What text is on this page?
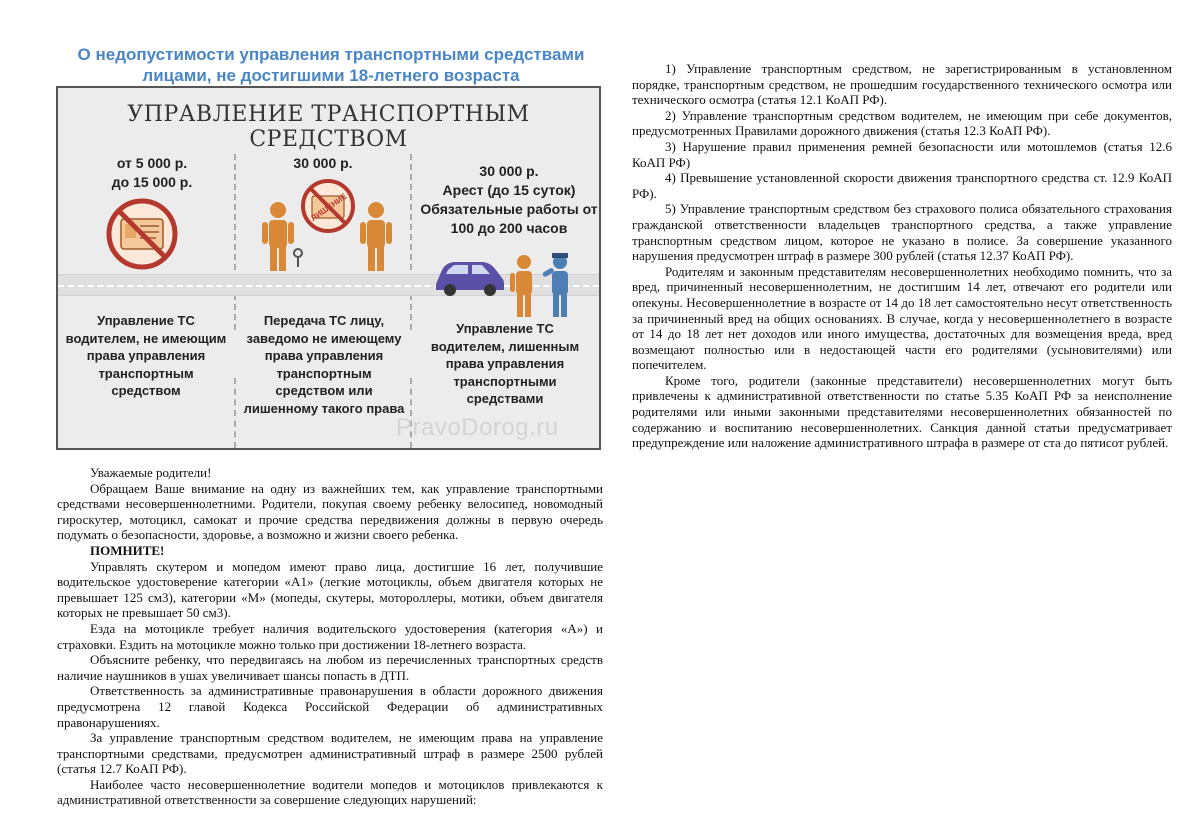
О недопустимости управления транспортными средствами лицами, не достигшими 18-летнего возраста
УПРАВЛЕНИЕ ТРАНСПОРТНЫМ СРЕДСТВОМ
от 5 000 р.
до 15 000 р.
30 000 р.	30 000 р.
Арест (до 15 суток)
Обязательные работы от 100 до 200 часов
ЛИШЕНИЕ
Управление ТС водителем, не имеющим права управления транспортным средством
Передача ТС лицу, заведомо не имеющему права управления транспортным средством или лишенному такого права
Управление ТС водителем, лишенным права управления транспортными средствами
PravoDorog.ru

Уважаемые родители!

Обращаем Ваше внимание на одну из важнейших тем, как управление транспортными средствами несовершеннолетними. Родители, покупая своему ребенку велосипед, новомодный гироскутер, мотоцикл, самокат и прочие средства передвижения должны в первую очередь подумать о безопасности, здоровье, а возможно и жизни своего ребенка.

ПОМНИТЕ!

Управлять скутером и мопедом имеют право лица, достигшие 16 лет, получившие водительское удостоверение категории «А1» (легкие мотоциклы, объем двигателя которых не превышает 125 см3), категории «М» (мопеды, скутеры, мотороллеры, мотики, объем двигателя которых не превышает 50 см3).

Езда на мотоцикле требует наличия водительского удостоверения (категория «А») и страховки. Ездить на мотоцикле можно только при достижении 18-летнего возраста.

Объясните ребенку, что передвигаясь на любом из перечисленных транспортных средств наличие наушников в ушах увеличивает шансы попасть в ДТП.

Ответственность за административные правонарушения в области дорожного движения предусмотрена 12 главой Кодекса Российской Федерации об административных правонарушениях.

За управление транспортным средством водителем, не имеющим права на управление транспортными средствами, предусмотрен административный штраф в размере 2500 рублей (статья 12.7 КоАП РФ).

Наиболее часто несовершеннолетние водители мопедов и мотоциклов привлекаются к административной ответственности за совершение следующих нарушений:

1) Управление транспортным средством, не зарегистрированным в установленном порядке, транспортным средством, не прошедшим государственного технического осмотра или технического осмотра (статья 12.1 КоАП РФ).

2) Управление транспортным средством водителем, не имеющим при себе документов, предусмотренных Правилами дорожного движения (статья 12.3 КоАП РФ).

3) Нарушение правил применения ремней безопасности или мотошлемов (статья 12.6 КоАП РФ)

4) Превышение установленной скорости движения транспортного средства ст. 12.9 КоАП РФ).

5) Управление транспортным средством без страхового полиса обязательного страхования гражданской ответственности владельцев транспортного средства, а также управление транспортным средством лицом, которое не указано в полисе. За совершение указанного нарушения предусмотрен штраф в размере 300 рублей (статья 12.37 КоАП РФ).

Родителям и законным представителям несовершеннолетних необходимо помнить, что за вред, причиненный несовершеннолетним, не достигшим 14 лет, отвечают его родители или опекуны. Несовершеннолетние в возрасте от 14 до 18 лет самостоятельно несут ответственность за причиненный вред на общих основаниях. В случае, когда у несовершеннолетнего в возрасте от 14 до 18 лет нет доходов или иного имущества, достаточных для возмещения вреда, вред возмещают полностью или в недостающей части его родителями (усыновителями) или попечителем.

Кроме того, родители (законные представители) несовершеннолетних могут быть привлечены к административной ответственности по статье 5.35 КоАП РФ за неисполнение родителями или иными законными представителями несовершеннолетних обязанностей по содержанию и воспитанию несовершеннолетних. Санкция данной статьи предусматривает предупреждение или наложение административного штрафа в размере от ста до пятисот рублей.
